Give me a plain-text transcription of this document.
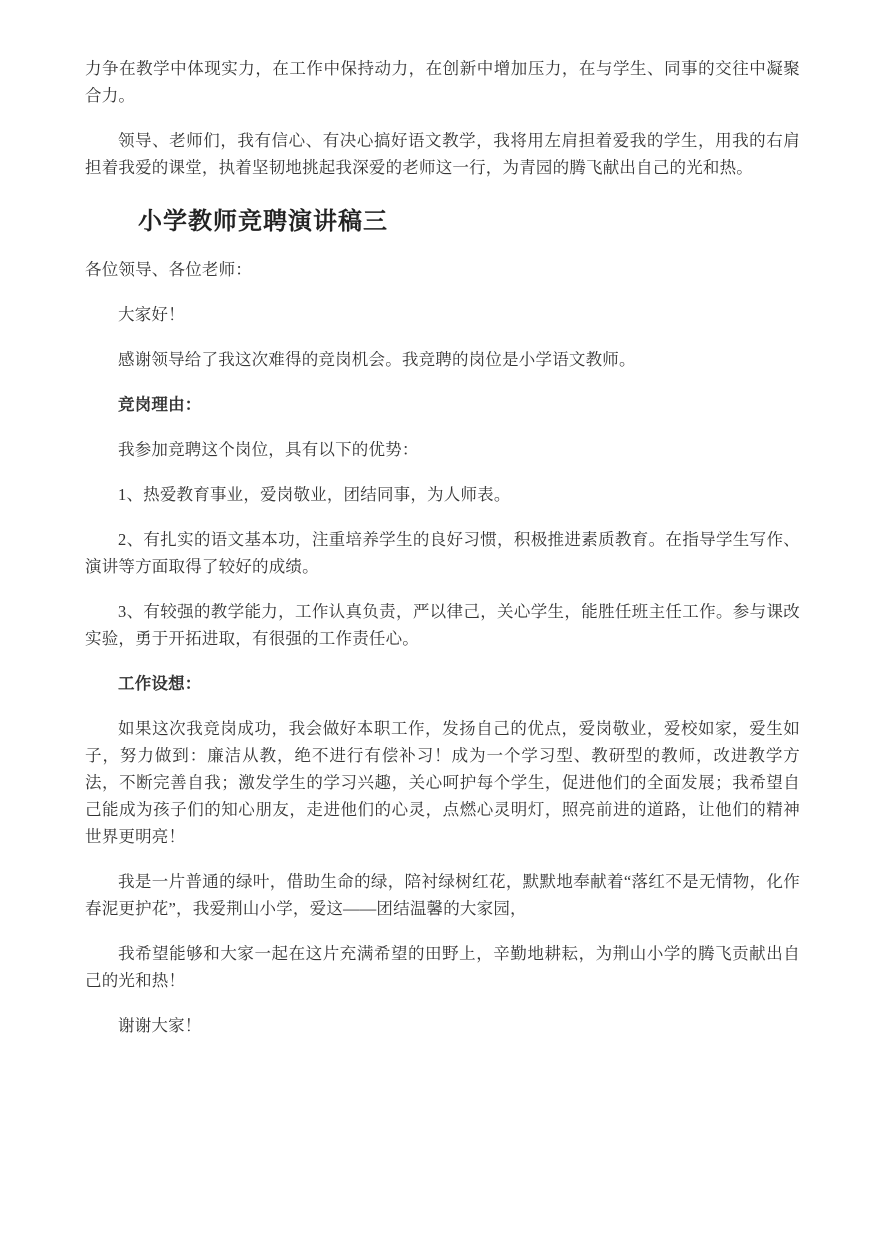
力争在教学中体现实力，在工作中保持动力，在创新中增加压力，在与学生、同事的交往中凝聚合力。

领导、老师们，我有信心、有决心搞好语文教学，我将用左肩担着爱我的学生，用我的右肩担着我爱的课堂，执着坚韧地挑起我深爱的老师这一行，为青园的腾飞献出自己的光和热。

小学教师竞聘演讲稿三

各位领导、各位老师：

大家好！

感谢领导给了我这次难得的竞岗机会。我竞聘的岗位是小学语文教师。

竞岗理由：

我参加竞聘这个岗位，具有以下的优势：

1、热爱教育事业，爱岗敬业，团结同事，为人师表。

2、有扎实的语文基本功，注重培养学生的良好习惯，积极推进素质教育。在指导学生写作、演讲等方面取得了较好的成绩。

3、有较强的教学能力，工作认真负责，严以律己，关心学生，能胜任班主任工作。参与课改实验，勇于开拓进取，有很强的工作责任心。

工作设想：

如果这次我竞岗成功，我会做好本职工作，发扬自己的优点，爱岗敬业，爱校如家，爱生如子，努力做到：廉洁从教，绝不进行有偿补习！成为一个学习型、教研型的教师，改进教学方法，不断完善自我；激发学生的学习兴趣，关心呵护每个学生，促进他们的全面发展；我希望自己能成为孩子们的知心朋友，走进他们的心灵，点燃心灵明灯，照亮前进的道路，让他们的精神世界更明亮！

我是一片普通的绿叶，借助生命的绿，陪衬绿树红花，默默地奉献着“落红不是无情物，化作春泥更护花”，我爱荆山小学，爱这——团结温馨的大家园，

我希望能够和大家一起在这片充满希望的田野上，辛勤地耕耘，为荆山小学的腾飞贡献出自己的光和热！

谢谢大家！
